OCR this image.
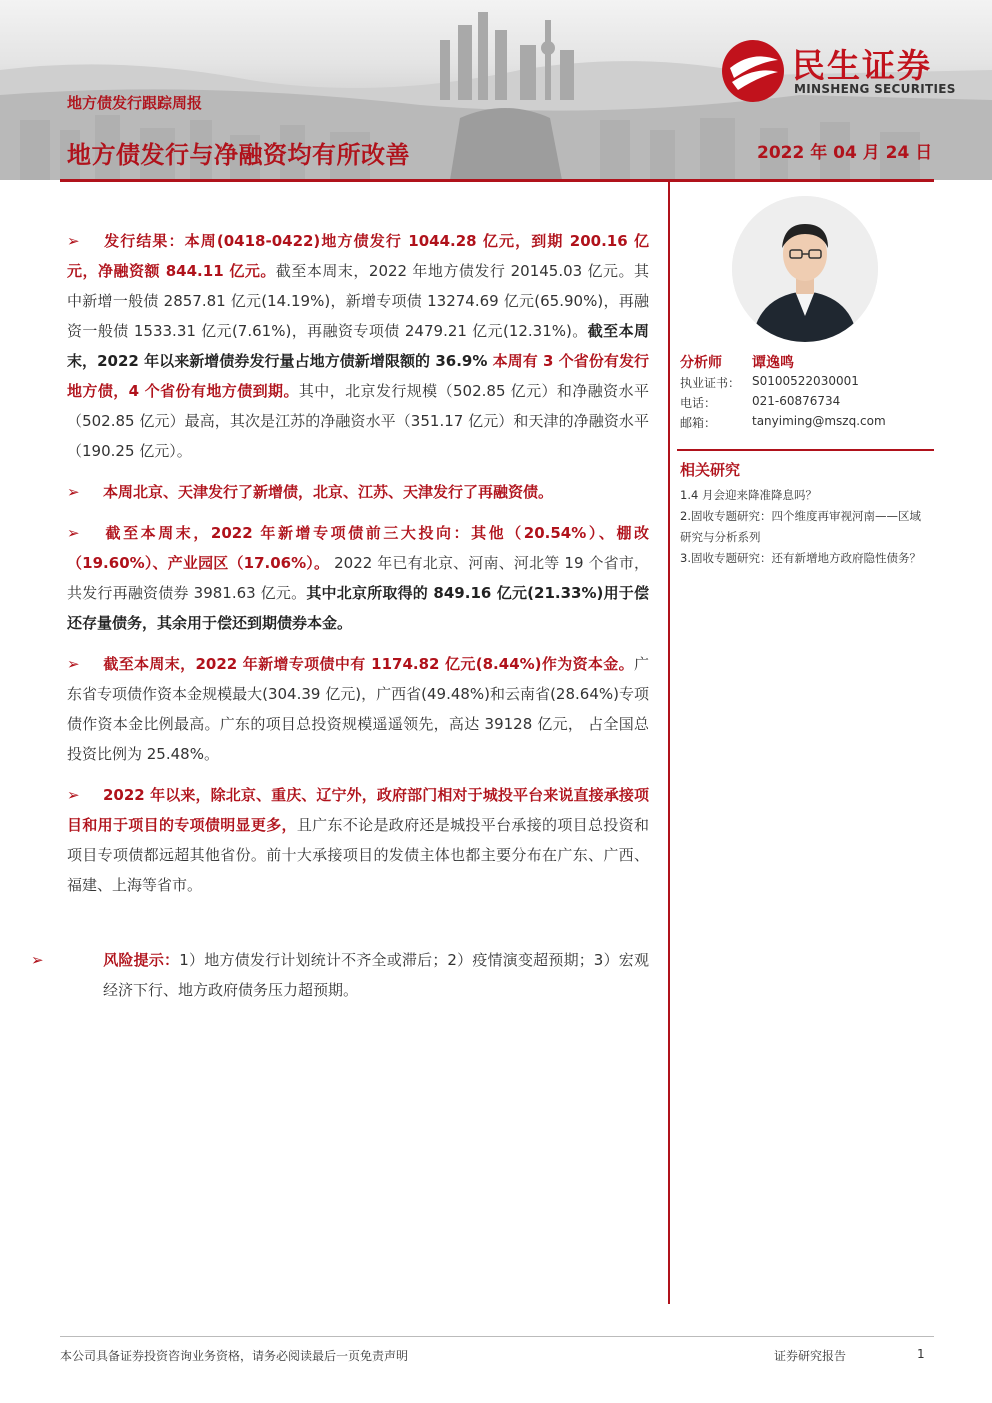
民生证券
MINSHENG SECURITIES
地方债发行跟踪周报
地方债发行与净融资均有所改善	2022 年 04 月 24 日

➢ 发行结果：本周(0418-0422)地方债发行 1044.28 亿元，到期 200.16 亿元，净融资额 844.11 亿元。截至本周末，2022 年地方债发行 20145.03 亿元。其中新增一般债 2857.81 亿元(14.19%)，新增专项债 13274.69 亿元(65.90%)，再融资一般债 1533.31 亿元(7.61%)，再融资专项债 2479.21 亿元(12.31%)。截至本周末，2022 年以来新增债券发行量占地方债新增限额的 36.9% 本周有 3 个省份有发行地方债，4 个省份有地方债到期。其中，北京发行规模（502.85 亿元）和净融资水平（502.85 亿元）最高，其次是江苏的净融资水平（351.17 亿元）和天津的净融资水平（190.25 亿元）。

➢ 本周北京、天津发行了新增债，北京、江苏、天津发行了再融资债。

➢ 截至本周末，2022 年新增专项债前三大投向：其他（20.54%）、棚改（19.60%）、产业园区（17.06%）。 2022 年已有北京、河南、河北等 19 个省市，共发行再融资债券 3981.63 亿元。其中北京所取得的 849.16 亿元(21.33%)用于偿还存量债务，其余用于偿还到期债券本金。

➢ 截至本周末，2022 年新增专项债中有 1174.82 亿元(8.44%)作为资本金。广东省专项债作资本金规模最大(304.39 亿元)，广西省(49.48%)和云南省(28.64%)专项债作资本金比例最高。广东的项目总投资规模遥遥领先，高达 39128 亿元， 占全国总投资比例为 25.48%。

➢ 2022 年以来，除北京、重庆、辽宁外，政府部门相对于城投平台来说直接承接项目和用于项目的专项债明显更多，且广东不论是政府还是城投平台承接的项目总投资和项目专项债都远超其他省份。前十大承接项目的发债主体也都主要分布在广东、广西、福建、上海等省市。

➢	风险提示：1）地方债发行计划统计不齐全或滞后；2）疫情演变超预期；3）宏观经济下行、地方政府债务压力超预期。

分析师 谭逸鸣
执业证书： S0100522030001
电话：	021-60876734
邮箱：	tanyiming@mszq.com
相关研究
1.4 月会迎来降准降息吗？
2.固收专题研究：四个维度再审视河南——区域研究与分析系列
3.固收专题研究：还有新增地方政府隐性债务？
本公司具备证券投资咨询业务资格，请务必阅读最后一页免责声明	证券研究报告	1
